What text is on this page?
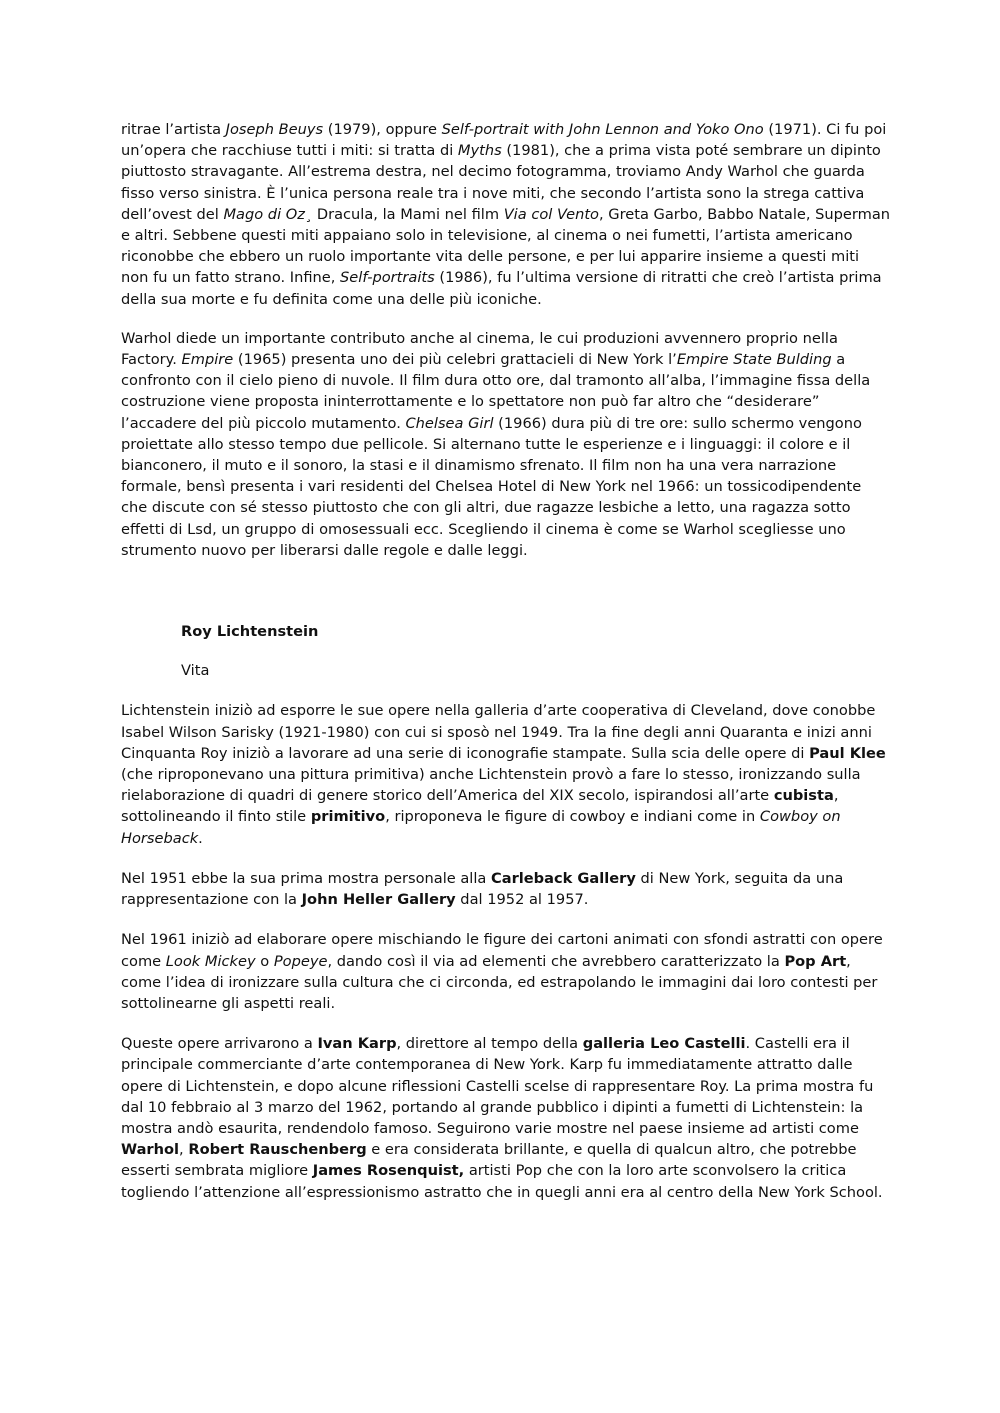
ritrae l’artista Joseph Beuys (1979), oppure Self-portrait with John Lennon and Yoko Ono (1971). Ci fu poi un’opera che racchiuse tutti i miti: si tratta di Myths (1981), che a prima vista poté sembrare un dipinto piuttosto stravagante. All’estrema destra, nel decimo fotogramma, troviamo Andy Warhol che guarda fisso verso sinistra. È l’unica persona reale tra i nove miti, che secondo l’artista sono la strega cattiva dell’ovest del Mago di Oz¸ Dracula, la Mami nel film Via col Vento, Greta Garbo, Babbo Natale, Superman e altri. Sebbene questi miti appaiano solo in televisione, al cinema o nei fumetti, l’artista americano riconobbe che ebbero un ruolo importante vita delle persone, e per lui apparire insieme a questi miti non fu un fatto strano. Infine, Self-portraits (1986), fu l’ultima versione di ritratti che creò l’artista prima della sua morte e fu definita come una delle più iconiche.

Warhol diede un importante contributo anche al cinema, le cui produzioni avvennero proprio nella Factory. Empire (1965) presenta uno dei più celebri grattacieli di New York l’Empire State Bulding a confronto con il cielo pieno di nuvole. Il film dura otto ore, dal tramonto all’alba, l’immagine fissa della costruzione viene proposta ininterrottamente e lo spettatore non può far altro che “desiderare” l’accadere del più piccolo mutamento. Chelsea Girl (1966) dura più di tre ore: sullo schermo vengono proiettate allo stesso tempo due pellicole. Si alternano tutte le esperienze e i linguaggi: il colore e il bianconero, il muto e il sonoro, la stasi e il dinamismo sfrenato. Il film non ha una vera narrazione formale, bensì presenta i vari residenti del Chelsea Hotel di New York nel 1966: un tossicodipendente che discute con sé stesso piuttosto che con gli altri, due ragazze lesbiche a letto, una ragazza sotto effetti di Lsd, un gruppo di omosessuali ecc. Scegliendo il cinema è come se Warhol scegliesse uno strumento nuovo per liberarsi dalle regole e dalle leggi.

Roy Lichtenstein

Vita

Lichtenstein iniziò ad esporre le sue opere nella galleria d’arte cooperativa di Cleveland, dove conobbe Isabel Wilson Sarisky (1921-1980) con cui si sposò nel 1949. Tra la fine degli anni Quaranta e inizi anni Cinquanta Roy iniziò a lavorare ad una serie di iconografie stampate. Sulla scia delle opere di Paul Klee (che riproponevano una pittura primitiva) anche Lichtenstein provò a fare lo stesso, ironizzando sulla rielaborazione di quadri di genere storico dell’America del XIX secolo, ispirandosi all’arte cubista, sottolineando il finto stile primitivo, riproponeva le figure di cowboy e indiani come in Cowboy on Horseback.

Nel 1951 ebbe la sua prima mostra personale alla Carleback Gallery di New York, seguita da una rappresentazione con la John Heller Gallery dal 1952 al 1957.

Nel 1961 iniziò ad elaborare opere mischiando le figure dei cartoni animati con sfondi astratti con opere come Look Mickey o Popeye, dando così il via ad elementi che avrebbero caratterizzato la Pop Art, come l’idea di ironizzare sulla cultura che ci circonda, ed estrapolando le immagini dai loro contesti per sottolinearne gli aspetti reali.

Queste opere arrivarono a Ivan Karp, direttore al tempo della galleria Leo Castelli. Castelli era il principale commerciante d’arte contemporanea di New York. Karp fu immediatamente attratto dalle opere di Lichtenstein, e dopo alcune riflessioni Castelli scelse di rappresentare Roy. La prima mostra fu dal 10 febbraio al 3 marzo del 1962, portando al grande pubblico i dipinti a fumetti di Lichtenstein: la mostra andò esaurita, rendendolo famoso. Seguirono varie mostre nel paese insieme ad artisti come Warhol, Robert Rauschenberg e era considerata brillante, e quella di qualcun altro, che potrebbe esserti sembrata migliore James Rosenquist, artisti Pop che con la loro arte sconvolsero la critica togliendo l’attenzione all’espressionismo astratto che in quegli anni era al centro della New York School.
